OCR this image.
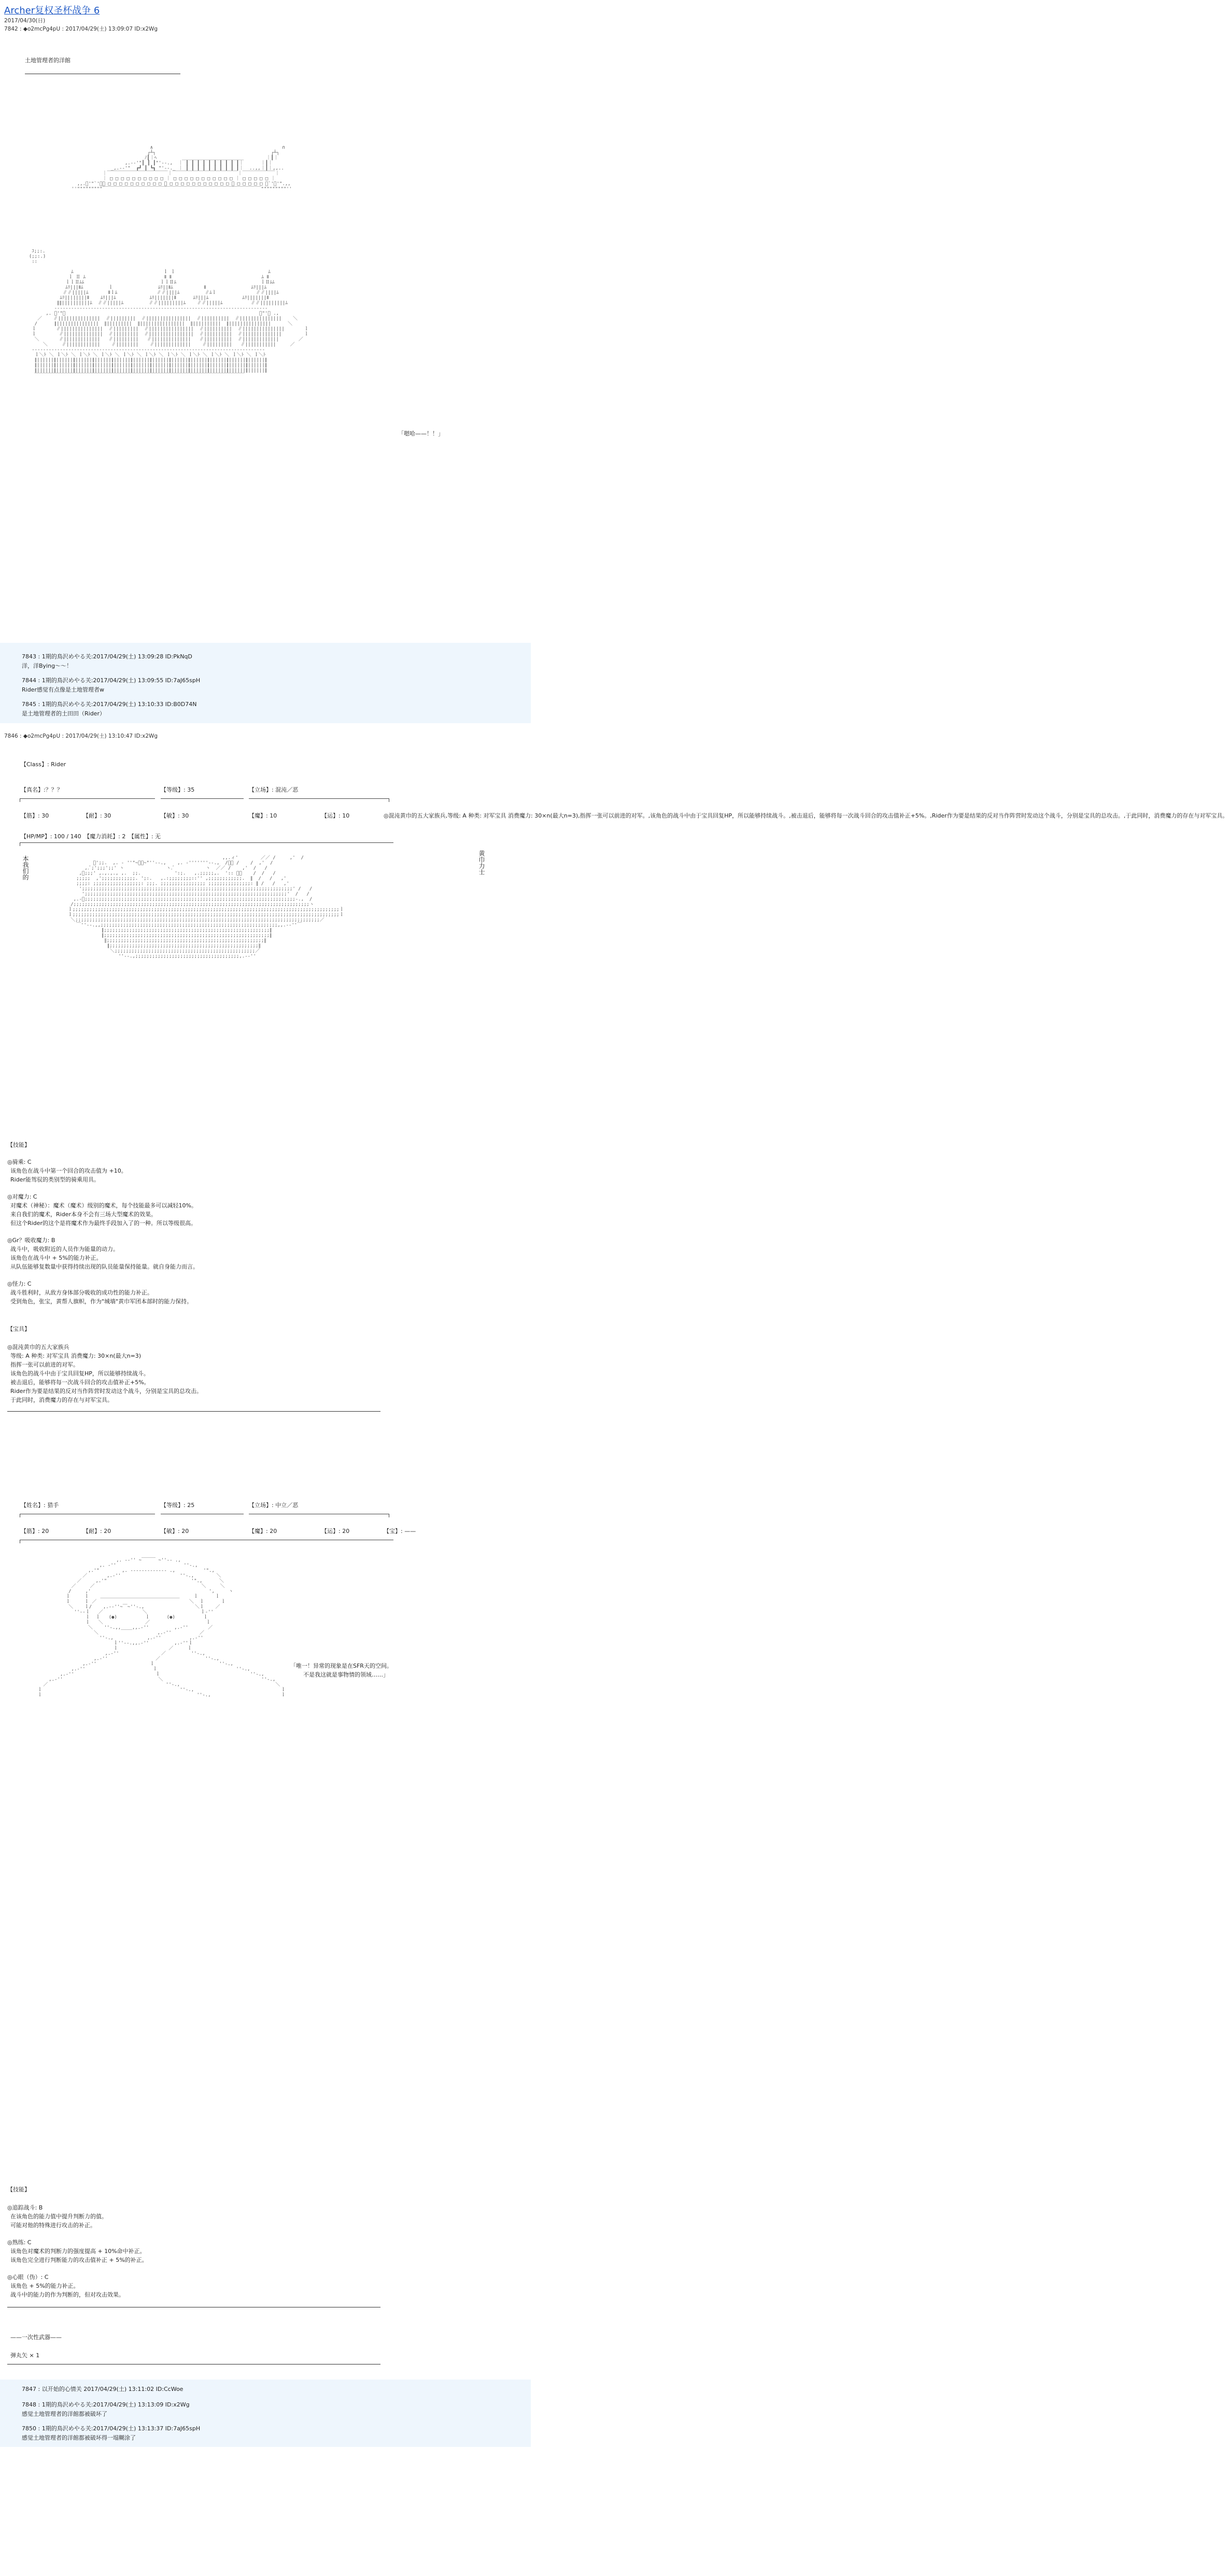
Archer复权圣杯战争 6
2017/04/30(日)
7842 : ◆o2mcPg4pU : 2017/04/29(土) 13:09:07 ID:x2Wg
土地管理者的洋館

∧                                              ∩
┌┴┐                                         ┌┴┐
ﾉ┃｜ﾍ         ______________________        ｜┃｜
,.-‐'"┃ ┃ ┃"'‐-.,  ｜ ┃ ┃ ┃ ┃ ┃ ┃ ┃ ┃ ┃ ┃｜      ｜┃｜
_,.-‐'"  ┏┛ ┃ ┗┓ "'‐-._ ｜ ┃ ┃ ┃ ┃ ┃ ┃ ┃ ┃ ┃ ┃｜  ..,,｜┃｜,,..
｜￣￣￣￣￣￣￣￣￣￣￣￣￣｜￣￣￣￣￣￣￣￣￣￣￣￣￣￣｜￣￣￣￣￣￣￣｜
｜ □ □ □ □ □ □ □ □ □ □ ｜ □ □ □ □ □ □ □ □ □ □ □ ｜ □ □ □ □ □ ｜
,,.ﾞ'"`'ﾞ｜ □ □ □ □ □ □ □ □ □ □ ｜ □ □ □ □ □ □ □ □ □ □ □ ｜ □ □ □ □ □ ｜`'ﾞ'".,,
''"""""""""￣￣￣￣￣￣￣￣￣￣￣￣￣￣￣￣￣￣￣￣￣￣￣￣￣￣￣￣￣￣￣￣￣￣"""""""""''

ｺ;;:.
(;;:.)
::

ﾑ                                ｌ ｌ                                 ﾑ
ｌ Ⅱ ﾑ                            Ⅱ Ⅱ                                ﾑ Ⅱ
ｌｌⅡﾑﾑ                           ｌｌⅡﾑ                              ｌⅡﾑﾑ
ﾑﾘ|||Ⅱﾑ         ｌ                ﾑﾘ||Ⅱﾑ           Ⅱ                ﾑﾘ|||ﾑ
∥∥|||||ﾑ       Ⅱｌﾑ              ∥∥||||ﾑ         ∥ﾑｌ              ∥∥||||ﾑ
ﾑﾘ||||||||Ⅱ    ﾑﾘ|||ﾑ            ﾑﾘ|||||||Ⅱ      ﾑﾘ|||ﾑ            ﾑﾘ|||||||Ⅱ
∥∥||||||||||ﾑ  ∥∥|||||ﾑ         ∥∥|||||||||ﾑ    ∥∥|||||ﾑ          ∥∥|||||||||ﾑ
‐‐‐‐‐‐‐‐‐‐‐‐‐‐‐‐‐‐‐‐‐‐‐‐‐‐‐‐‐‐‐‐‐‐‐‐‐‐‐‐‐‐‐‐‐‐‐‐‐‐‐‐‐‐‐‐‐‐‐‐‐‐‐‐‐‐‐‐‐‐‐‐‐‐‐‐
,. ﾞ'"￣                                                                     ￣"'ﾞ .,
／    ∥|||||||||||||||  ∥|||||||||  ∥||||||||||||||||  ∥||||||||||  ∥|||||||||||||||    ＼
/      ∥|||||||||||||||  ∥|||||||||  ∥||||||||||||||||  ∥||||||||||  ∥|||||||||||||||      ＼
ｌ       ∥|||||||||||||||  ∥|||||||||  ∥||||||||||||||||  ∥||||||||||  ∥|||||||||||||||       ｌ
ｌ        ∥||||||||||||||  ∥|||||||||  ∥||||||||||||||||  ∥||||||||||  ∥||||||||||||||        ｌ
＼       ∥|||||||||||||   ∥|||||||||   ∥||||||||||||||   ∥||||||||||  ∥|||||||||||||       ／
＼     ∥||||||||||||    ∥||||||||    ∥|||||||||||||    ∥|||||||||   ∥|||||||||||     ／
‐‐‐‐‐‐‐‐‐‐‐‐‐‐‐‐‐‐‐‐‐‐‐‐‐‐‐‐‐‐‐‐‐‐‐‐‐‐‐‐‐‐‐‐‐‐‐‐‐‐‐‐‐‐‐‐‐‐‐‐‐‐‐‐‐‐‐‐‐‐‐‐‐‐‐‐‐‐‐‐‐‐‐
ｌ＼ﾄ ＼ ｌ＼ﾄ ＼ ｌ＼ﾄ ＼ ｌ＼ﾄ ＼ ｌ＼ﾄ ＼ ｌ＼ﾄ ＼ ｌ＼ﾄ ＼ ｌ＼ﾄ ＼ ｌ＼ﾄ ＼ ｌ＼ﾄ ＼ ｌ＼ﾄ
∥||||||∥||||||∥||||||∥||||||∥||||||∥||||||∥||||||∥||||||∥||||||∥||||||∥||||||∥||||||∥
∥||||||∥||||||∥||||||∥||||||∥||||||∥||||||∥||||||∥||||||∥||||||∥||||||∥||||||∥||||||∥
∥||||||∥||||||∥||||||∥||||||∥||||||∥||||||∥||||||∥||||||∥||||||∥||||||∥||||||∥||||||∥
￣￣￣￣￣￣￣￣￣￣￣￣￣￣￣￣￣￣￣￣￣￣￣￣￣￣￣￣￣￣￣￣￣￣￣￣￣￣￣￣￣￣￣￣￣

「嗯哈——！！」
7843 : 1期的鳥沢めやる关:2017/04/29(土) 13:09:28 ID:PkNqD
洋，洋Bying～～！
7844 : 1期的鳥沢めやる关:2017/04/29(土) 13:09:55 ID:7aJ65spH
Rider感觉有点像是土地管理者w
7845 : 1期的鳥沢めやる关:2017/04/29(土) 13:10:33 ID:B0D74N
是土地管理者的土田田（Rider）
7846 : ◆o2mcPg4pU : 2017/04/29(土) 13:10:47 ID:x2Wg
【Class】: Rider
【真名】:？？？	【等级】: 35	【立场】: 混沌／恶
【筋】: 30	【耐】: 30	【敏】: 30	【魔】: 10	【运】: 10	◎混沌黄巾的五大家族兵,等级: A 种类: 对军宝具 消费魔力: 30×n(最大n=3),指挥一张可以前进的对军。,该角色的战斗中由于宝具回复HP，所以能够持续战斗。,被击退后，能够将每一次战斗回合的攻击值补正+5%。,Rider作为要是结果的反对当作阵营时发动这个战斗，分别是宝具的总攻击。,于此同时，消费魔力的存在与对军宝具。
【HP/MP】: 100 / 140　【魔力消耗】: 2　【属性】: 无
本我们的	黄巾力士

,,.ィ'        ／／ /     ,'  /
ﾞ';;.  ,. ‐ ''"~￣￣~"''‐-.,    ,. ‐'''''''‐-.,  /／／ /    /  ,'  /
,.ﾞ;';;;';;' ヽ               ヽ.ﾞ           ヽ  ／／ /    ,'  /   /
,ﾞ;;;' ,.,.,., ,.  ;;.            ':;.   ,.;;;;;,.  ':: ／／    /  /   /
;;;;;  ,';;;;;;;;;;;;. ';:.   ,.:;;;;;;;;::'' ,;;;;;;;;;;;;.  ∥  /   /   ,'
;;;;: ;;;;;;;;;;;;;;;;;: ;;;. ;;;;;;;;;;;;;;;; ;;;;;;;;;;;;;;;: ∥ /   /   ,'
';;;;;;;;;;;;;;;;;;;;;;;;;;;;;;;;;;;;;;;;;;;;;;;;;;;;;;;;;;;;;;;;;;;;;;;;;;;' /   /
';;;;;;;;;;;;;;;;;;;;;;;;;;;;;;;;;;;;;;;;;;;;;;;;;;;;;;;;;;;;;;;;;;;;;;;;'  /   /
,.‐ﾞ;;;;;;;;;;;;;;;;;;;;;;;;;;;;;;;;;;;;;;;;;;;;;;;;;;;;;;;;;;;;;;;;;;;;;;;;;;;‐.,  /
/;;;;;;;;;;;;;;;;;;;;;;;;;;;;;;;;;;;;;;;;;;;;;;;;;;;;;;;;;;;;;;;;;;;;;;;;;;;;;;;;;;;;ヽ
ｌ;;;;;;;;;;;;;;;;;;;;;;;;;;;;;;;;;;;;;;;;;;;;;;;;;;;;;;;;;;;;;;;;;;;;;;;;;;;;;;;;;;;;;;;;;;;;;;;ｌ
ｌ;;;;;;;;;;;;;;;;;;;;;;;;;;;;;;;;;;;;;;;;;;;;;;;;;;;;;;;;;;;;;;;;;;;;;;;;;;;;;;;;;;;;;;;;;;;;;;;ｌ
＼;;;;;;;;;;;;;;;;;;;;;;;;;;;;;;;;;;;;;;;;;;;;;;;;;;;;;;;;;;;;;;;;;;;;;;;;;;;;;;;;;;;;;;;／
￣''‐-.,,;;;;;;;;;;;;;;;;;;;;;;;;;;;;;;;;;;;;;;;;;;;;;;;;;;;;;;;;;;;;;;;,,.-‐''￣
∥;;;;;;;;;;;;;;;;;;;;;;;;;;;;;;;;;;;;;;;;;;;;;;;;;;;;;;;;;;;∥
∥;;;;;;;;;;;;;;;;;;;;;;;;;;;;;;;;;;;;;;;;;;;;;;;;;;;;;;;;;;;∥
∥;;;;;;;;;;;;;;;;;;;;;;;;;;;;;;;;;;;;;;;;;;;;;;;;;;;;;;;;∥
∥;;;;;;;;;;;;;;;;;;;;;;;;;;;;;;;;;;;;;;;;;;;;;;;;;;;;;∥
＼;;;;;;;;;;;;;;;;;;;;;;;;;;;;;;;;;;;;;;;;;;;;;;;;;;／
''‐-.,;;;;;;;;;;;;;;;;;;;;;;;;;;;;;;;;;;;;;,.-‐''

【技能】
◎骑乘: C
该角色在战斗中第一个回合的攻击值为 +10。
Rider能驾驭的类别型的骑乘用具。
◎对魔力: C
对魔术（神秘）：魔术（魔术）级别的魔术，每个技能最多可以减轻10%。
来自我们的魔术，Rider本身不会有三场大型魔术的效果。
但这个Rider的这个是将魔术作为最终手段加入了的一种。所以等级很高。
◎Gr？吸收魔力: B
战斗中，吸收附近的人员作为能量的动力。
该角色在战斗中 + 5%的能力补正。
从队伍能够复数量中获得持续出现的队员能量保持能量。就自身能力而言。
◎怪力: C
战斗胜利时，从敌方身体部分吸收的成功性的能力补正。
受到角色，张宝，黄帮人旗帜，作为"城墙"黄巾军团本部时的能力保持。
【宝具】
◎混沌黄巾的五大家族兵
等级: A 种类: 对军宝具 消费魔力: 30×n(最大n=3)
指挥一张可以前进的对军。
该角色的战斗中由于宝具回复HP，所以能够持续战斗。
被击退后，能够将每一次战斗回合的攻击值补正+5%。
Rider作为要是结果的反对当作阵营时发动这个战斗，分别是宝具的总攻击。
于此同时，消费魔力的存在与对军宝具。
【姓名】: 猎手	【等级】: 25	【立场】: 中立／恶
【筋】: 20	【耐】: 20	【敏】: 20	【魔】: 20	【运】: 20	【宝】: ——

,. -‐'' ~￣￣￣ ~''‐- .,
,. ‐''                        ''‐.,
,.'"        ,. ‐‐‐‐‐‐‐‐‐‐‐‐‐ .,          '".,
／       ,.‐''                     ''‐.,        ＼
／     ,.'"                              '".,      ＼
／     ／                                      ＼     ＼
/     ,'                                          ',     ヽ
ｌ     ｌ    ＿＿＿＿＿＿＿＿＿＿＿＿＿＿＿＿＿     ｌ      ｌ
ｌ     ｌ ／                                 ＼  ｌ      ｌ
＼    ｌ/    ,.-‐''~￣~''‐.,                  ＼ｌ    ／
''‐-ｌ   ／              ＼                   ｌ‐''
ｌ  ｌ   (●)          ｌ      (●)          ｌ
ｌ   ＼               ／                    ｌ
＼    ''‐.,,____,,.‐''         ,.‐''       ／
＼                     ,.‐''          ／
''‐.,            ,.‐''          ,.‐''
ｌ''‐-.,,.‐''         ,.‐''ｌ
ｌ                  ／     ｌ
,.‐''               ／         ''‐.,
,.‐''                 ／                ''‐.,
,.‐''                   ｌ                       ''‐.,
,.‐''                        ｌ                            ''‐.,
,.‐''                             ｌ                                ''‐.,
,.‐''                                  ＼                                   ''‐.,
／                                          ''‐.,                                  ＼
ｌ                                                 ''‐.,                               ｌ
ｌ                                                       ''‐.,                         ｌ

「唯一！异常的现象是在SFR天的空间。
不是我这就是事物情的领域……」
【技能】
◎追踪战斗: B
在该角色的能力值中提升判断力的值。
可能对他的特殊进行攻击的补正。
◎熟练: C
该角色对魔术的判断力的强度提高 + 10%命中补正。
该角色完全进行判断能力的攻击值补正 + 5%的补正。
◎心眼（伪）: C
该角色 + 5%的能力补正。
战斗中的能力的作为判断的，但对攻击效果。
——一次性武器——
弹丸矢 × 1
7847 : 以开始的心情关 2017/04/29(土) 13:11:02 ID:CcWoe
7848 : 1期的鳥沢めやる关:2017/04/29(土) 13:13:09 ID:x2Wg
感觉土地管理者的洋館都被破坏了
7850 : 1期的鳥沢めやる关:2017/04/29(土) 13:13:37 ID:7aJ65spH
感觉土地管理者的洋館都被破坏得一塌糊涂了
